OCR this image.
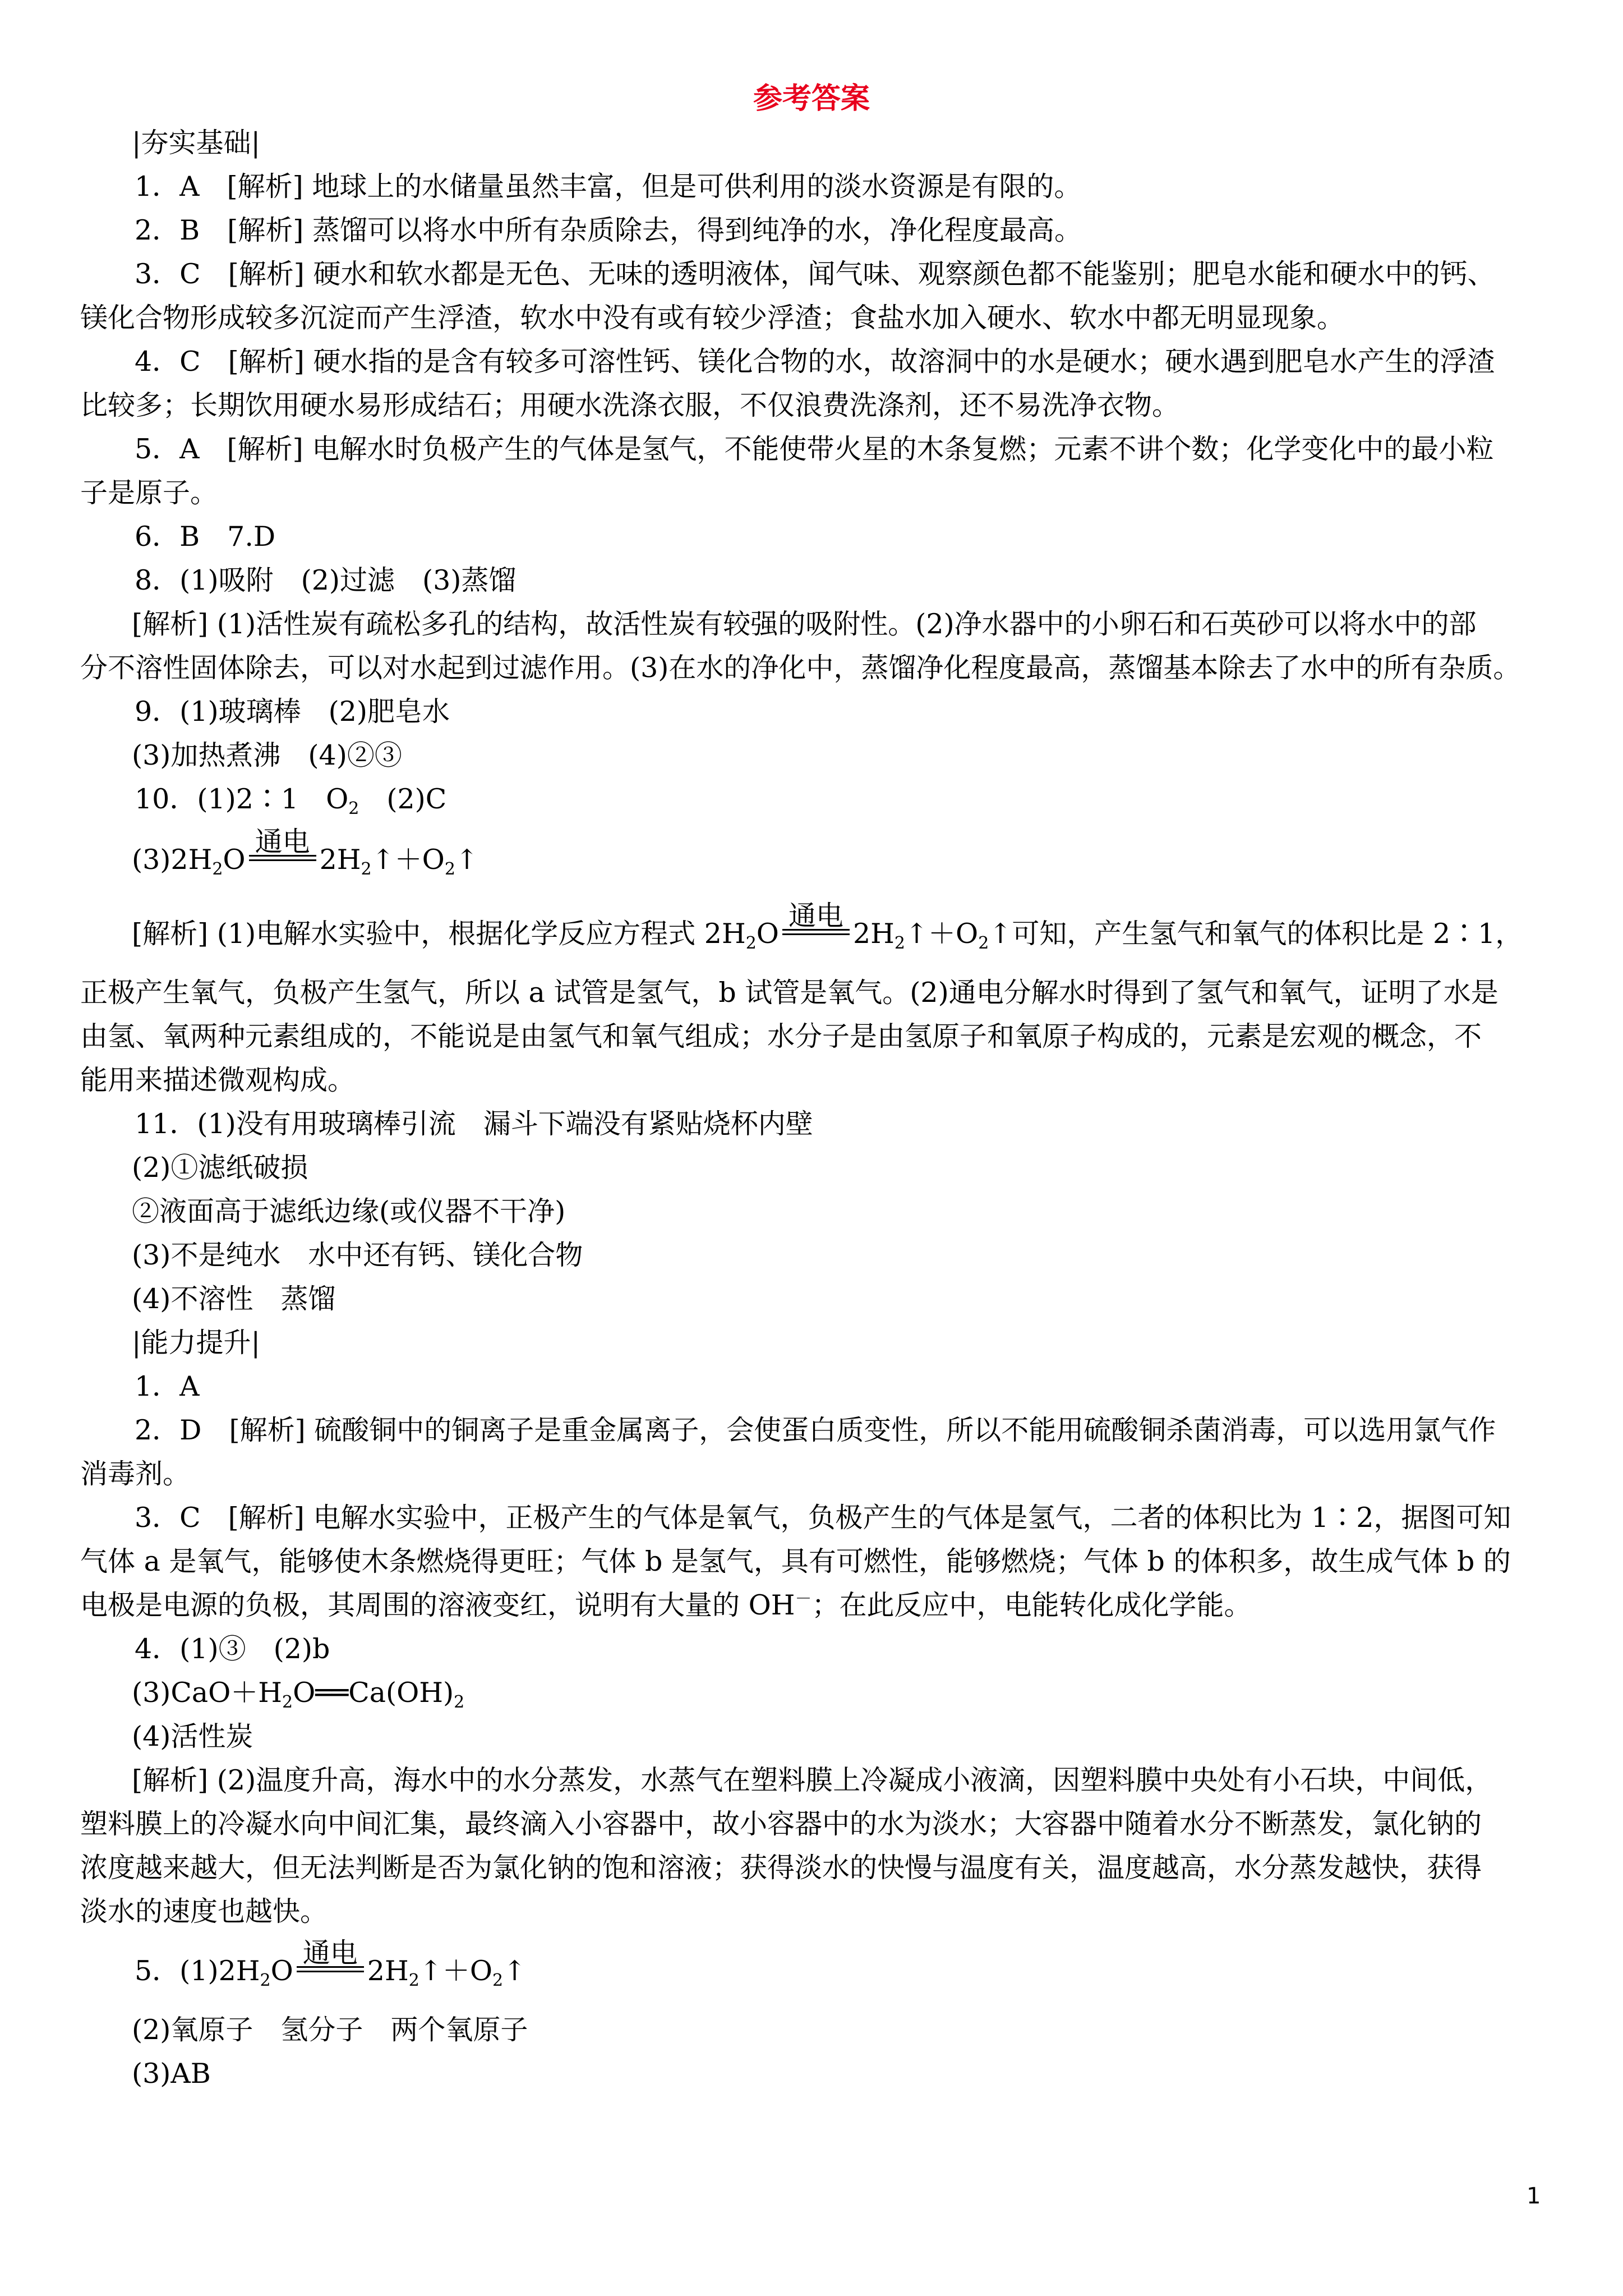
参考答案
|夯实基础|
1．A　[解析] 地球上的水储量虽然丰富，但是可供利用的淡水资源是有限的。
2．B　[解析] 蒸馏可以将水中所有杂质除去，得到纯净的水，净化程度最高。
3．C　[解析] 硬水和软水都是无色、无味的透明液体，闻气味、观察颜色都不能鉴别；肥皂水能和硬水中的钙、
镁化合物形成较多沉淀而产生浮渣，软水中没有或有较少浮渣；食盐水加入硬水、软水中都无明显现象。
4．C　[解析] 硬水指的是含有较多可溶性钙、镁化合物的水，故溶洞中的水是硬水；硬水遇到肥皂水产生的浮渣
比较多；长期饮用硬水易形成结石；用硬水洗涤衣服，不仅浪费洗涤剂，还不易洗净衣物。
5．A　[解析] 电解水时负极产生的气体是氢气，不能使带火星的木条复燃；元素不讲个数；化学变化中的最小粒
子是原子。
6．B　7.D
8．(1)吸附　(2)过滤　(3)蒸馏
[解析] (1)活性炭有疏松多孔的结构，故活性炭有较强的吸附性。(2)净水器中的小卵石和石英砂可以将水中的部
分不溶性固体除去，可以对水起到过滤作用。(3)在水的净化中，蒸馏净化程度最高，蒸馏基本除去了水中的所有杂质。
9．(1)玻璃棒　(2)肥皂水
(3)加热煮沸　(4)②③
10．(1)2∶1　$O_2$　(2)C
$(3)2H_2O$
通电
$2H_2↑+O_2↑$
[解析] (1)电解水实验中，根据化学反应方程式 $2H_2O$
通电
$2H_2↑+O_2↑$可知，产生氢气和氧气的体积比是 2∶1，
正极产生氧气，负极产生氢气，所以 a 试管是氢气，b 试管是氧气。(2)通电分解水时得到了氢气和氧气，证明了水是
由氢、氧两种元素组成的，不能说是由氢气和氧气组成；水分子是由氢原子和氧原子构成的，元素是宏观的概念，不
能用来描述微观构成。
11．(1)没有用玻璃棒引流　漏斗下端没有紧贴烧杯内壁
(2)①滤纸破损
②液面高于滤纸边缘(或仪器不干净)
(3)不是纯水　水中还有钙、镁化合物
(4)不溶性　蒸馏
|能力提升|
1．A
2．D　[解析] 硫酸铜中的铜离子是重金属离子，会使蛋白质变性，所以不能用硫酸铜杀菌消毒，可以选用氯气作
消毒剂。
3．C　[解析] 电解水实验中，正极产生的气体是氧气，负极产生的气体是氢气，二者的体积比为 1∶2，据图可知
气体 a 是氧气，能够使木条燃烧得更旺；气体 b 是氢气，具有可燃性，能够燃烧；气体 b 的体积多，故生成气体 b 的
电极是电源的负极，其周围的溶液变红，说明有大量的 OH－；在此反应中，电能转化成化学能。
4．(1)③　(2)b
$(3)CaO+H_2O══Ca(OH)_2$
(4)活性炭
[解析] (2)温度升高，海水中的水分蒸发，水蒸气在塑料膜上冷凝成小液滴，因塑料膜中央处有小石块，中间低，
塑料膜上的冷凝水向中间汇集，最终滴入小容器中，故小容器中的水为淡水；大容器中随着水分不断蒸发，氯化钠的
浓度越来越大，但无法判断是否为氯化钠的饱和溶液；获得淡水的快慢与温度有关，温度越高，水分蒸发越快，获得
淡水的速度也越快。
5．$(1)2H_2O$
通电
$2H_2↑+O_2↑$
(2)氧原子　氢分子　两个氧原子
(3)AB
1
